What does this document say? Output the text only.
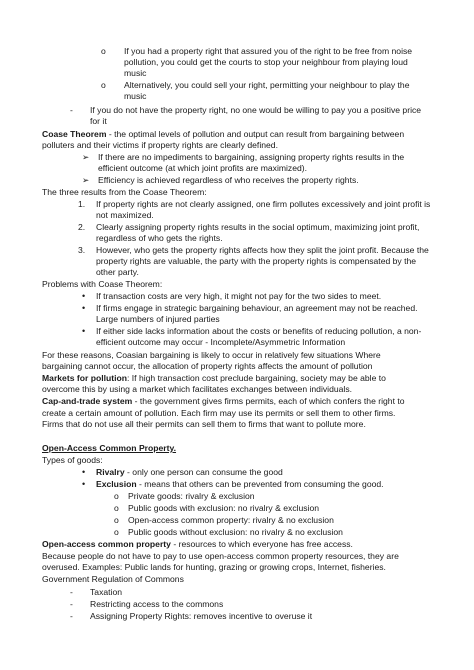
o If you had a property right that assured you of the right to be free from noise
pollution, you could get the courts to stop your neighbour from playing loud
music
o Alternatively, you could sell your right, permitting your neighbour to play the
music
- If you do not have the property right, no one would be willing to pay you a positive price
for it
Coase Theorem - the optimal levels of pollution and output can result from bargaining between
polluters and their victims if property rights are clearly defined.
➢ If there are no impediments to bargaining, assigning property rights results in the
efficient outcome (at which joint profits are maximized).
➢ Efficiency is achieved regardless of who receives the property rights.
The three results from the Coase Theorem:
1. If property rights are not clearly assigned, one firm pollutes excessively and joint profit is
not maximized.
2. Clearly assigning property rights results in the social optimum, maximizing joint profit,
regardless of who gets the rights.
3. However, who gets the property rights affects how they split the joint profit. Because the
property rights are valuable, the party with the property rights is compensated by the
other party.
Problems with Coase Theorem:
• If transaction costs are very high, it might not pay for the two sides to meet.
• If firms engage in strategic bargaining behaviour, an agreement may not be reached.
Large numbers of injured parties
• If either side lacks information about the costs or benefits of reducing pollution, a non-
efficient outcome may occur - Incomplete/Asymmetric Information
For these reasons, Coasian bargaining is likely to occur in relatively few situations Where
bargaining cannot occur, the allocation of property rights affects the amount of pollution
Markets for pollution: If high transaction cost preclude bargaining, society may be able to
overcome this by using a market which facilitates exchanges between individuals.
Cap-and-trade system - the government gives firms permits, each of which confers the right to
create a certain amount of pollution. Each firm may use its permits or sell them to other firms.
Firms that do not use all their permits can sell them to firms that want to pollute more.
Open-Access Common Property.
Types of goods:
• Rivalry - only one person can consume the good
• Exclusion - means that others can be prevented from consuming the good.
o Private goods: rivalry & exclusion
o Public goods with exclusion: no rivalry & exclusion
o Open-access common property: rivalry & no exclusion
o Public goods without exclusion: no rivalry & no exclusion
Open-access common property - resources to which everyone has free access.
Because people do not have to pay to use open-access common property resources, they are
overused. Examples: Public lands for hunting, grazing or growing crops, Internet, fisheries.
Government Regulation of Commons
- Taxation
- Restricting access to the commons
- Assigning Property Rights: removes incentive to overuse it
